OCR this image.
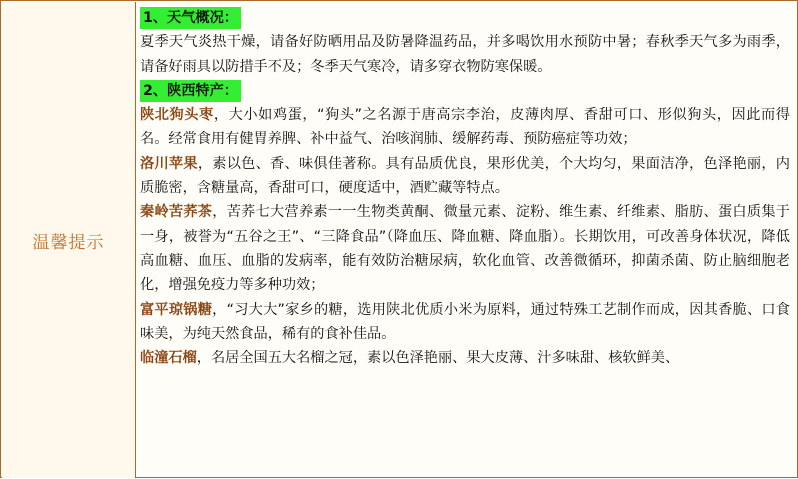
温馨提示
1、天气概况：

夏季天气炎热干燥，请备好防晒用品及防暑降温药品，并多喝饮用水预防中暑；春秋季天气多为雨季，请备好雨具以防措手不及；冬季天气寒冷，请多穿衣物防寒保暖。

2、陕西特产：

陕北狗头枣，大小如鸡蛋，“狗头”之名源于唐高宗李治，皮薄肉厚、香甜可口、形似狗头，因此而得名。经常食用有健胃养脾、补中益气、治咳润肺、缓解药毒、预防癌症等功效；

洛川苹果，素以色、香、味俱佳著称。具有品质优良，果形优美，个大均匀，果面洁净，色泽艳丽，内质脆密，含糖量高，香甜可口，硬度适中，酒贮藏等特点。

秦岭苦荞茶，苦荞七大营养素一一生物类黄酮、微量元素、淀粉、维生素、纤维素、脂肪、蛋白质集于一身，被誉为“五谷之王”、“三降食品”（降血压、降血糖、降血脂）。长期饮用，可改善身体状况，降低高血糖、血压、血脂的发病率，能有效防治糖尿病，软化血管、改善微循环，抑菌杀菌、防止脑细胞老化，增强免疫力等多种功效；

富平琼锅糖，“习大大”家乡的糖，选用陕北优质小米为原料，通过特殊工艺制作而成，因其香脆、口食味美，为纯天然食品，稀有的食补佳品。

临潼石榴，名居全国五大名榴之冠，素以色泽艳丽、果大皮薄、汁多味甜、核软鲜美、
